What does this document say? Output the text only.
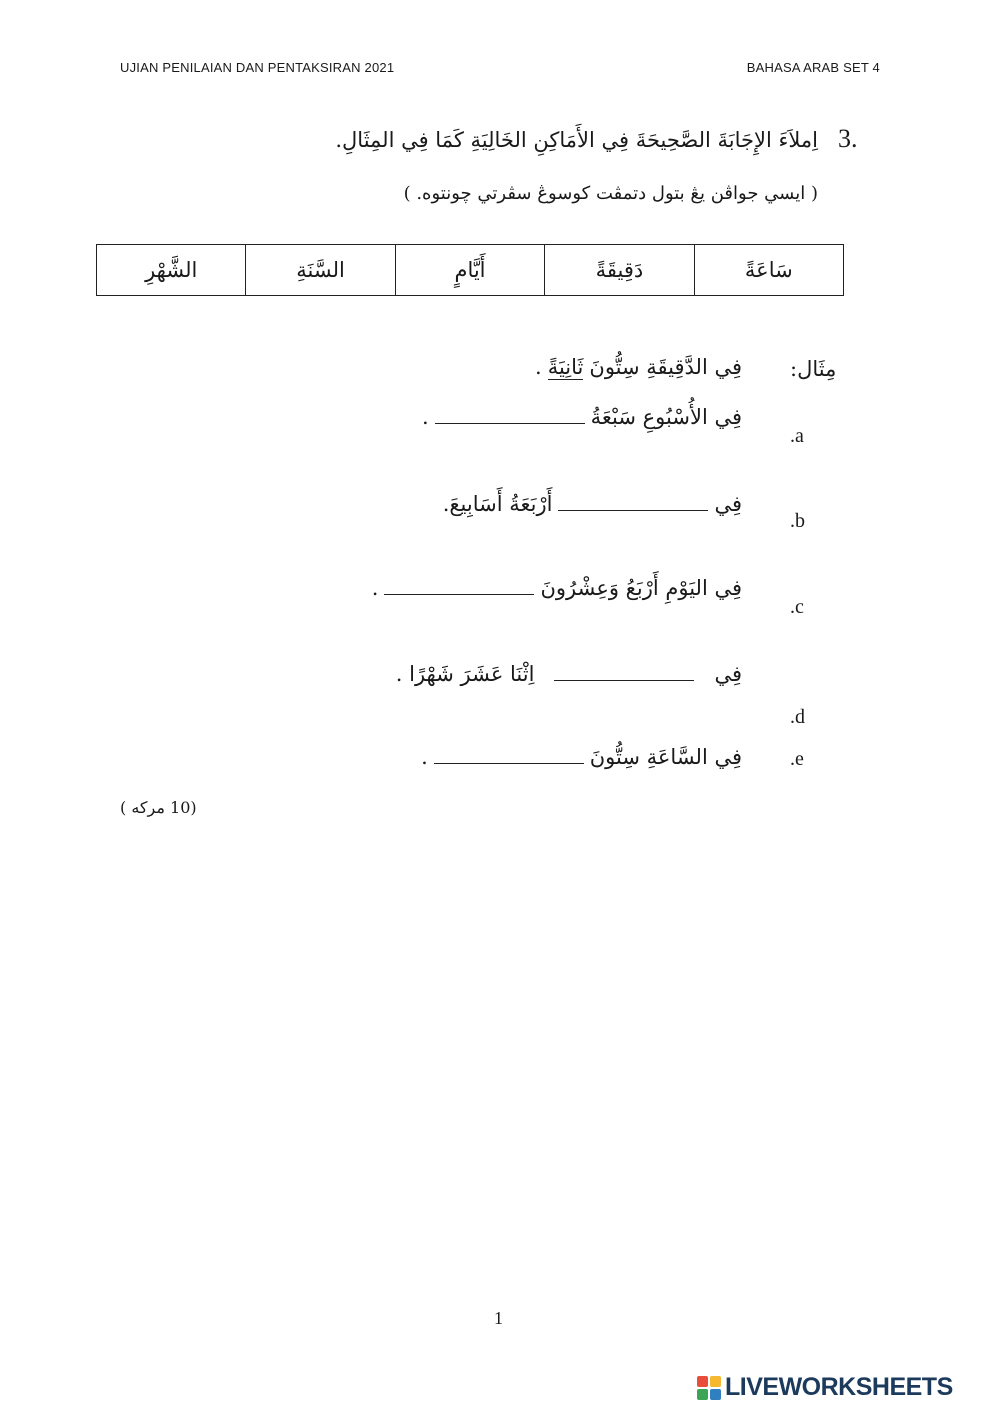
UJIAN PENILAIAN DAN PENTAKSIRAN 2021	BAHASA ARAB SET 4
3.
اِملاَءَ الإِجَابَةَ الصَّحِيحَةَ فِي الأَمَاكِنِ الخَالِيَةِ كَمَا فِي المِثَالِ.
( ايسي جواڤن يڠ بتول دتمڤت كوسوڠ سڤرتي چونتوه. )
سَاعَةً
دَقِيقَةً
أَيَّامٍ
السَّنَةِ
الشَّهْرِ
مِثَال:
فِي الدَّقِيقَةِ سِتُّونَ
ثَانِيَةً
.
فِي الأُسْبُوعِ سَبْعَةُ
.
.a
فِي
أَرْبَعَةُ أَسَابِيعَ.
.b
فِي اليَوْمِ أَرْبَعُ وَعِشْرُونَ
.
.c
فِي
اِثْنَا عَشَرَ شَهْرًا .
.d
فِي السَّاعَةِ سِتُّونَ
.	.e
(10 مركه )
1
LIVEWORKSHEETS
